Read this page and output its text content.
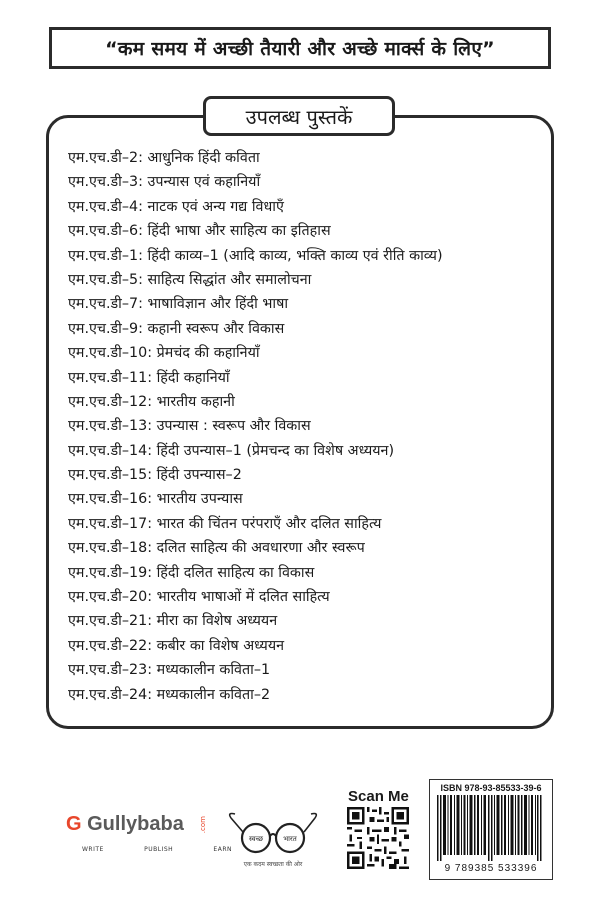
“कम समय में अच्छी तैयारी और अच्छे मार्क्स के लिए”
उपलब्ध पुस्तकें
एम.एच.डी–2: आधुनिक हिंदी कविता
एम.एच.डी–3: उपन्यास एवं कहानियाँ
एम.एच.डी–4: नाटक एवं अन्य गद्य विधाएँ
एम.एच.डी–6: हिंदी भाषा और साहित्य का इतिहास
एम.एच.डी–1: हिंदी काव्य–1 (आदि काव्य, भक्ति काव्य एवं रीति काव्य)
एम.एच.डी–5: साहित्य सिद्धांत और समालोचना
एम.एच.डी–7: भाषाविज्ञान और हिंदी भाषा
एम.एच.डी–9: कहानी स्वरूप और विकास
एम.एच.डी–10: प्रेमचंद की कहानियाँ
एम.एच.डी–11: हिंदी कहानियाँ
एम.एच.डी–12: भारतीय कहानी
एम.एच.डी–13: उपन्यास : स्वरूप और विकास
एम.एच.डी–14: हिंदी उपन्यास–1 (प्रेमचन्द का विशेष अध्ययन)
एम.एच.डी–15: हिंदी उपन्यास–2
एम.एच.डी–16: भारतीय उपन्यास
एम.एच.डी–17: भारत की चिंतन परंपराएँ और दलित साहित्य
एम.एच.डी–18: दलित साहित्य की अवधारणा और स्वरूप
एम.एच.डी–19: हिंदी दलित साहित्य का विकास
एम.एच.डी–20: भारतीय भाषाओं में दलित साहित्य
एम.एच.डी–21: मीरा का विशेष अध्ययन
एम.एच.डी–22: कबीर का विशेष अध्ययन
एम.एच.डी–23: मध्यकालीन कविता–1
एम.एच.डी–24: मध्यकालीन कविता–2
G Gullybaba .com
WRITE	PUBLISH	EARN
स्वच्छ	भारत
एक कदम स्वच्छता की ओर
Scan Me	ISBN 978-93-85533-39-6
9 789385 533396
